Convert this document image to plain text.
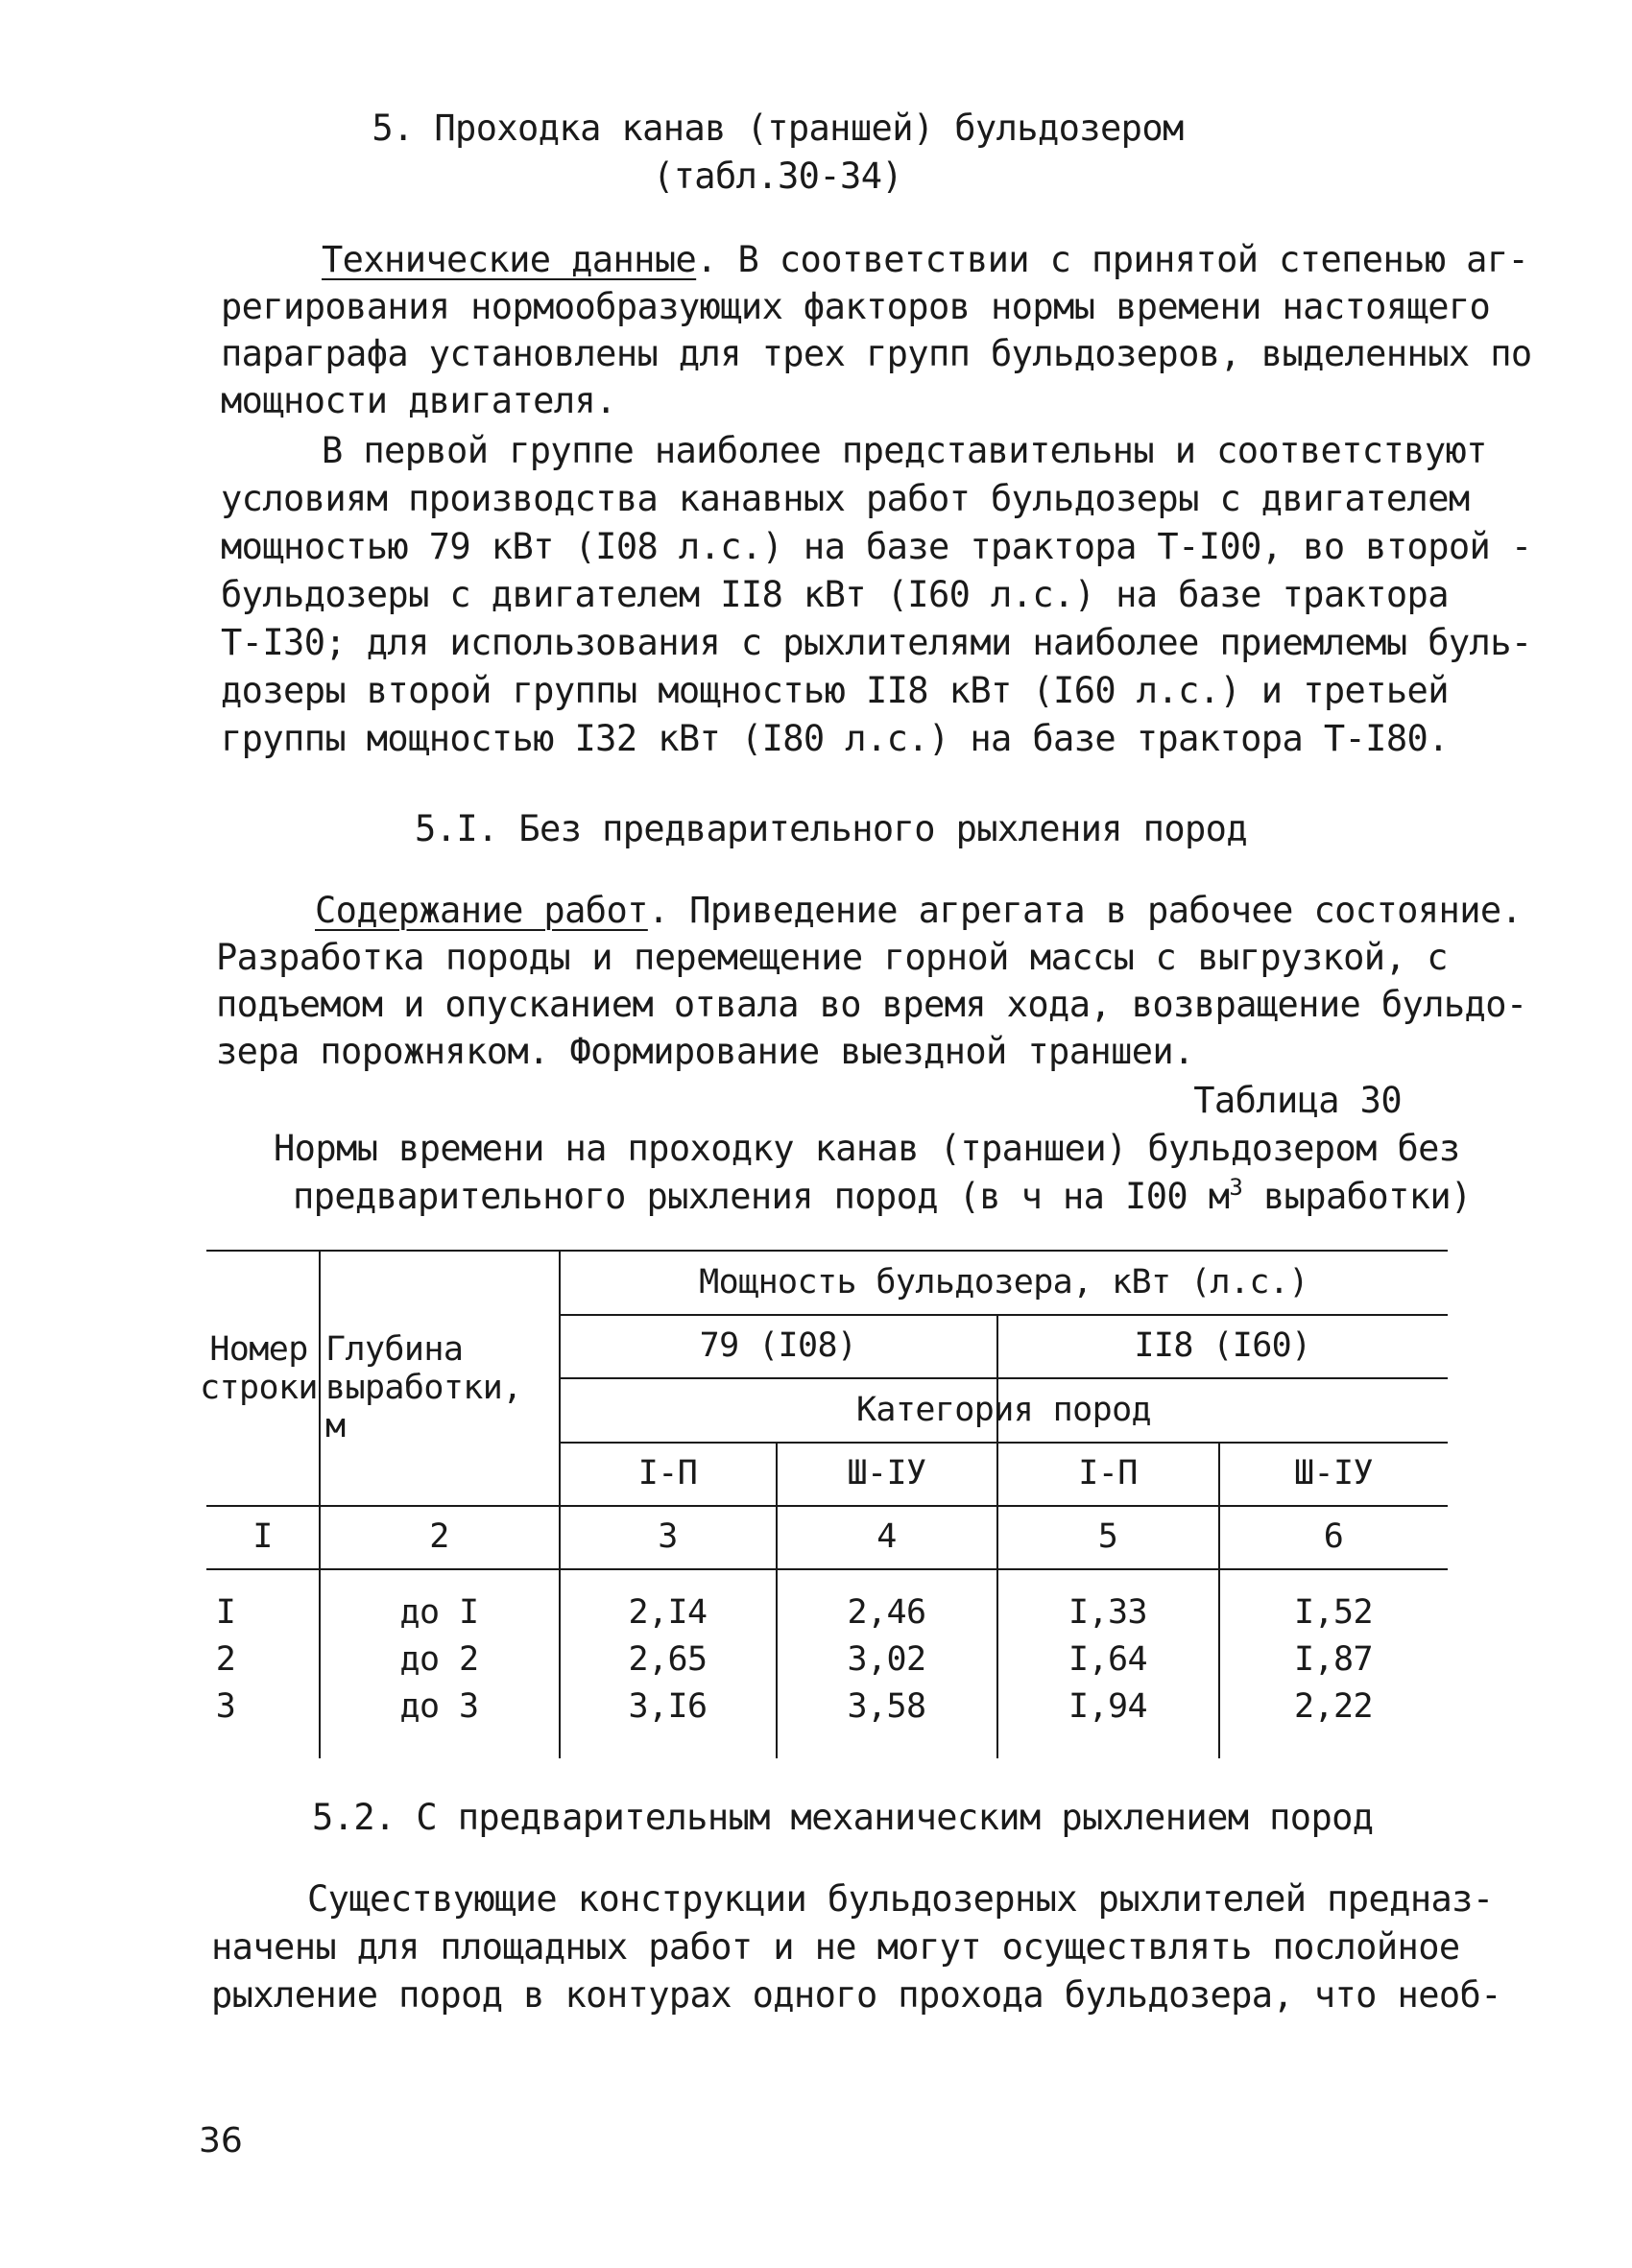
5. Проходка канав (траншей) бульдозером
(табл.30-34)
Технические данные. В соответствии с принятой степенью аг-
регирования нормообразующих факторов нормы времени настоящего
параграфа установлены для трех групп бульдозеров, выделенных по
мощности двигателя.
В первой группе наиболее представительны и соответствуют
условиям производства канавных работ бульдозеры с двигателем
мощностью 79 кВт (I08 л.с.) на базе трактора Т-I00, во второй -
бульдозеры с двигателем II8 кВт (I60 л.с.) на базе трактора
Т-I30; для использования с рыхлителями наиболее приемлемы буль-
дозеры второй группы мощностью II8 кВт (I60 л.с.) и третьей
группы мощностью I32 кВт (I80 л.с.) на базе трактора Т-I80.
5.I. Без предварительного рыхления пород
Содержание работ. Приведение агрегата в рабочее состояние.
Разработка породы и перемещение горной массы с выгрузкой, с
подъемом и опусканием отвала во время хода, возвращение бульдо-
зера порожняком. Формирование выездной траншеи.
Таблица 30
Нормы времени на проходку канав (траншеи) бульдозером без
предварительного рыхления пород (в ч на I00 $м^3$ выработки)
Номер
строки
Глубина
выработки,
м
Мощность бульдозера, кВт (л.с.)
79 (I08)	II8 (I60)
Категория пород
I-П	Ш-IУ	I-П	Ш-IУ
I	2	3	4	5	6
I	до I	2,I4	2,46	I,33	I,52
2	до 2	2,65	3,02	I,64	I,87
3	до 3	3,I6	3,58	I,94	2,22
5.2. С предварительным механическим рыхлением пород
Существующие конструкции бульдозерных рыхлителей предназ-
начены для площадных работ и не могут осуществлять послойное
рыхление пород в контурах одного прохода бульдозера, что необ-
36
